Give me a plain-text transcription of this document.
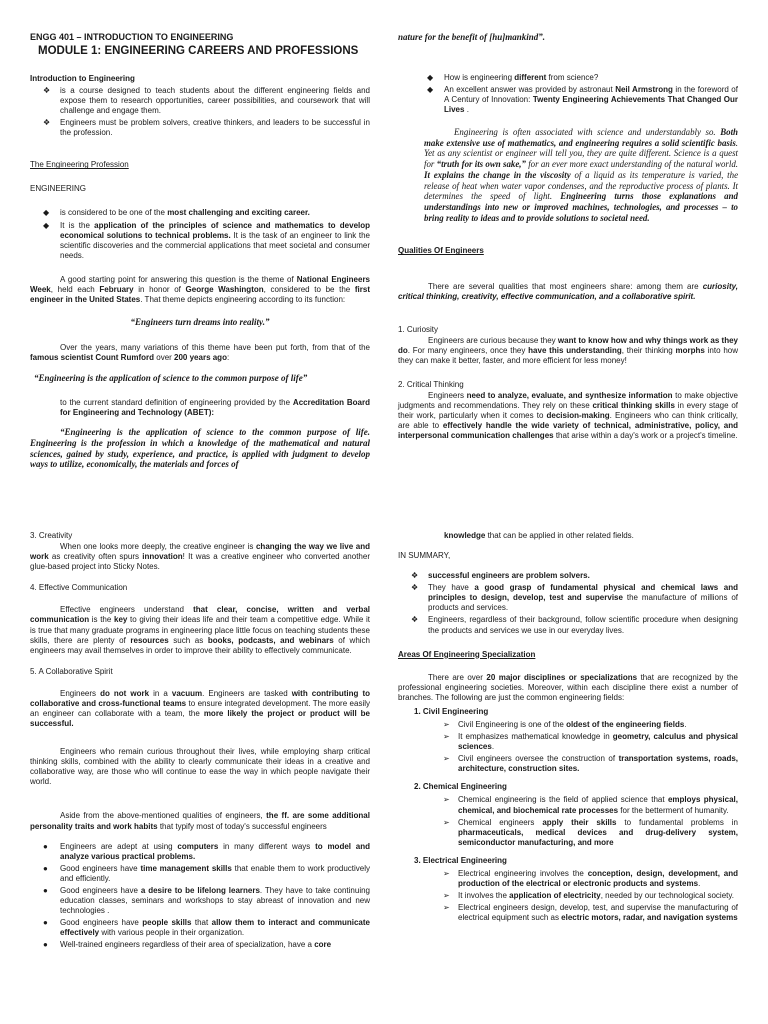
ENGG 401 – INTRODUCTION TO ENGINEERING
MODULE 1: ENGINEERING CAREERS AND PROFESSIONS
Introduction to Engineering
❖ is a course designed to teach students about the different engineering fields and expose them to research opportunities, career possibilities, and coursework that will challenge and engage them.
❖ Engineers must be problem solvers, creative thinkers, and leaders to be successful in the profession.
The Engineering Profession
ENGINEERING
◆ is considered to be one of the most challenging and exciting career.
◆ It is the application of the principles of science and mathematics to develop economical solutions to technical problems. It is the task of an engineer to link the scientific discoveries and the commercial applications that meet societal and consumer needs.

A good starting point for answering this question is the theme of National Engineers Week, held each February in honor of George Washington, considered to be the first engineer in the United States. That theme depicts engineering according to its function:

“Engineers turn dreams into reality.”

Over the years, many variations of this theme have been put forth, from that of the famous scientist Count Rumford over 200 years ago:

“Engineering is the application of science to the common purpose of life”

to the current standard definition of engineering provided by the Accreditation Board for Engineering and Technology (ABET):

“Engineering is the application of science to the common purpose of life. Engineering is the profession in which a knowledge of the mathematical and natural sciences, gained by study, experience, and practice, is applied with judgment to develop ways to utilize, economically, the materials and forces of
nature for the benefit of [hu]mankind”.
◆ How is engineering different from science?
◆ An excellent answer was provided by astronaut Neil Armstrong in the foreword of A Century of Innovation: Twenty Engineering Achievements That Changed Our Lives .
Engineering is often associated with science and understandably so. Both make extensive use of mathematics, and engineering requires a solid scientific basis. Yet as any scientist or engineer will tell you, they are quite different. Science is a quest for “truth for its own sake,” for an ever more exact understanding of the natural world. It explains the change in the viscosity of a liquid as its temperature is varied, the release of heat when water vapor condenses, and the reproductive process of plants. It determines the speed of light. Engineering turns those explanations and understandings into new or improved machines, technologies, and processes – to bring reality to ideas and to provide solutions to societal need.
Qualities Of Engineers

There are several qualities that most engineers share: among them are curiosity, critical thinking, creativity, effective communication, and a collaborative spirit.

1. Curiosity

Engineers are curious because they want to know how and why things work as they do. For many engineers, once they have this understanding, their thinking morphs into how they can make it better, faster, and more efficient for less money!

2. Critical Thinking

Engineers need to analyze, evaluate, and synthesize information to make objective judgments and recommendations. They rely on these critical thinking skills in every stage of their work, particularly when it comes to decision-making. Engineers who can think critically, are able to effectively handle the wide variety of technical, administrative, policy, and interpersonal communication challenges that arise within a day's work or a project's timeline.

3. Creativity

When one looks more deeply, the creative engineer is changing the way we live and work as creativity often spurs innovation! It was a creative engineer who converted another glue-based project into Sticky Notes.

4. Effective Communication

Effective engineers understand that clear, concise, written and verbal communication is the key to giving their ideas life and their team a competitive edge. While it is true that many graduate programs in engineering place little focus on teaching students these skills, there are plenty of resources such as books, podcasts, and webinars of which engineers may avail themselves in order to improve their ability to effectively communicate.

5. A Collaborative Spirit

Engineers do not work in a vacuum. Engineers are tasked with contributing to collaborative and cross-functional teams to ensure integrated development. The more easily an engineer can collaborate with a team, the more likely the project or product will be successful.

Engineers who remain curious throughout their lives, while employing sharp critical thinking skills, combined with the ability to clearly communicate their ideas in a creative and collaborative way, are those who will continue to ease the way in which people navigate their world.

Aside from the above-mentioned qualities of engineers, the ff. are some additional personality traits and work habits that typify most of today's successful engineers

● Engineers are adept at using computers in many different ways to model and analyze various practical problems.
● Good engineers have time management skills that enable them to work productively and efficiently.
● Good engineers have a desire to be lifelong learners. They have to take continuing education classes, seminars and workshops to stay abreast of innovation and new technologies .
● Good engineers have people skills that allow them to interact and communicate effectively with various people in their organization.
● Well-trained engineers regardless of their area of specialization, have a core

knowledge that can be applied in other related fields.

IN SUMMARY,
❖ successful engineers are problem solvers.
❖ They have a good grasp of fundamental physical and chemical laws and principles to design, develop, test and supervise the manufacture of millions of products and services.
❖ Engineers, regardless of their background, follow scientific procedure when designing the products and services we use in our everyday lives.
Areas Of Engineering Specialization

There are over 20 major disciplines or specializations that are recognized by the professional engineering societies. Moreover, within each discipline there exist a number of branches. The following are just the common engineering fields:

1. Civil Engineering
➢ Civil Engineering is one of the oldest of the engineering fields.
➢ It emphasizes mathematical knowledge in geometry, calculus and physical sciences.
➢ Civil engineers oversee the construction of transportation systems, roads, architecture, construction sites.
2. Chemical Engineering
➢ Chemical engineering is the field of applied science that employs physical, chemical, and biochemical rate processes for the betterment of humanity.
➢ Chemical engineers apply their skills to fundamental problems in pharmaceuticals, medical devices and drug-delivery system, semiconductor manufacturing, and more
3. Electrical Engineering
➢ Electrical engineering involves the conception, design, development, and production of the electrical or electronic products and systems.
➢ It involves the application of electricity, needed by our technological society.
➢ Electrical engineers design, develop, test, and supervise the manufacturing of electrical equipment such as electric motors, radar, and navigation systems
